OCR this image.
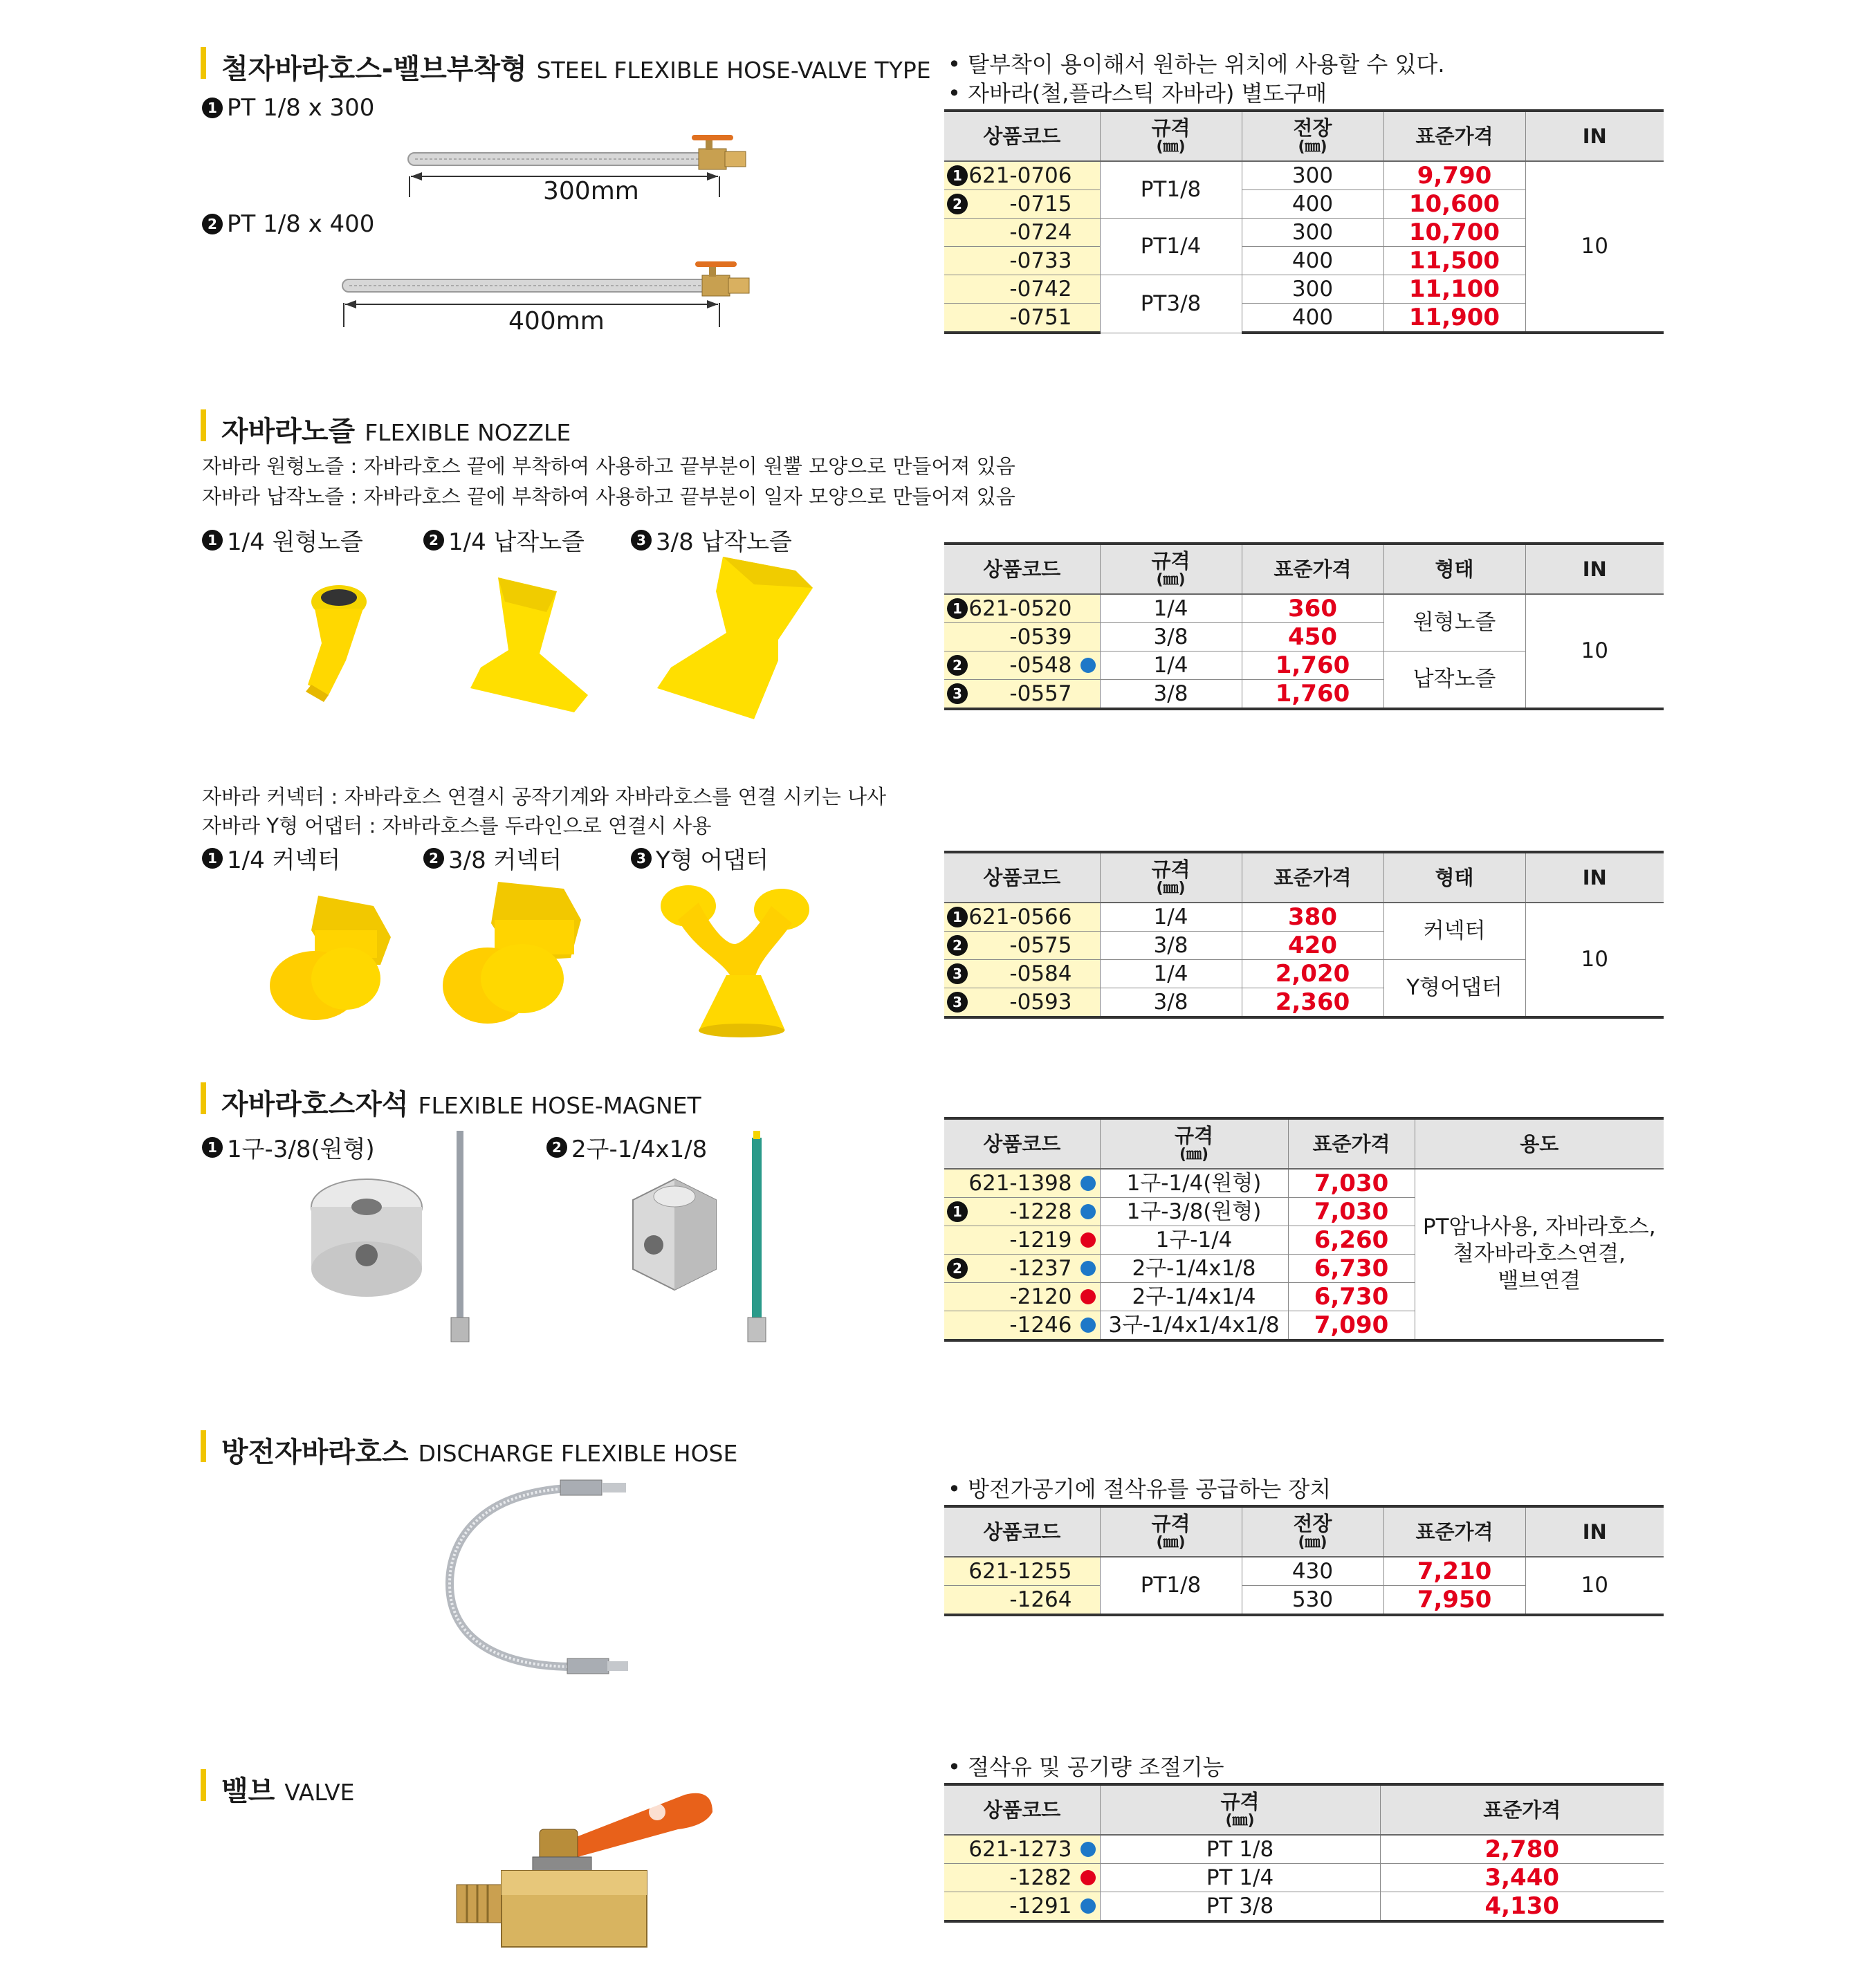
철자바라호스-밸브부착형 STEEL FLEXIBLE HOSE-VALVE TYPE
1 PT 1/8 x 300
2 PT 1/8 x 400
300mm
400mm
• 탈부착이 용이해서 원하는 위치에 사용할 수 있다.
• 자바라(철,플라스틱 자바라) 별도구매
상품코드	규격
(㎜)	전장
(㎜)	표준가격	IN

1 621-0706	PT1/8	300	9,790	10

2 -0715		400	10,600	
-0724	PT1/4	300	10,700	
-0733		400	11,500	
-0742	PT3/8	300	11,100	
-0751		400	11,900	
자바라노즐 FLEXIBLE NOZZLE
자바라 원형노즐 : 자바라호스 끝에 부착하여 사용하고 끝부분이 원뿔 모양으로 만들어져 있음
자바라 납작노즐 : 자바라호스 끝에 부착하여 사용하고 끝부분이 일자 모양으로 만들어져 있음
1 1/4 원형노즐	2 1/4 납작노즐	3 3/8 납작노즐
상품코드	규격
(㎜)	표준가격	형태	IN

1 621-0520	1/4	360	원형노즐	10
-0539	3/8	450		

2 -0548	1/4	1,760	납작노즐	

3 -0557	3/8	1,760		
자바라 커넥터 : 자바라호스 연결시 공작기계와 자바라호스를 연결 시키는 나사
자바라 Y형 어댑터 : 자바라호스를 두라인으로 연결시 사용
1 1/4 커넥터	2 3/8 커넥터	3 Y형 어댑터
상품코드	규격
(㎜)	표준가격	형태	IN

1 621-0566	1/4	380	커넥터	10

2 -0575	3/8	420		

3 -0584	1/4	2,020	Y형어댑터	

3 -0593	3/8	2,360		
자바라호스자석 FLEXIBLE HOSE-MAGNET
1 1구-3/8(원형)	2 2구-1/4x1/8	상품코드	규격
(㎜)	표준가격	용도
621-1398	1구-1/4(원형)	7,030	PT암나사용, 자바라호스,
철자바라호스연결,
밸브연결

1 -1228	1구-3/8(원형)	7,030	
-1219	1구-1/4	6,260	

2 -1237	2구-1/4x1/8	6,730	
-2120	2구-1/4x1/4	6,730	
-1246	3구-1/4x1/4x1/8	7,090	
방전자바라호스 DISCHARGE FLEXIBLE HOSE
• 방전가공기에 절삭유를 공급하는 장치
상품코드	규격
(㎜)	전장
(㎜)	표준가격	IN
621-1255	PT1/8	430	7,210	10
-1264		530	7,950	
밸브 VALVE
• 절삭유 및 공기량 조절기능
상품코드	규격
(㎜)	표준가격
621-1273	PT 1/8	2,780
-1282	PT 1/4	3,440
-1291	PT 3/8	4,130
